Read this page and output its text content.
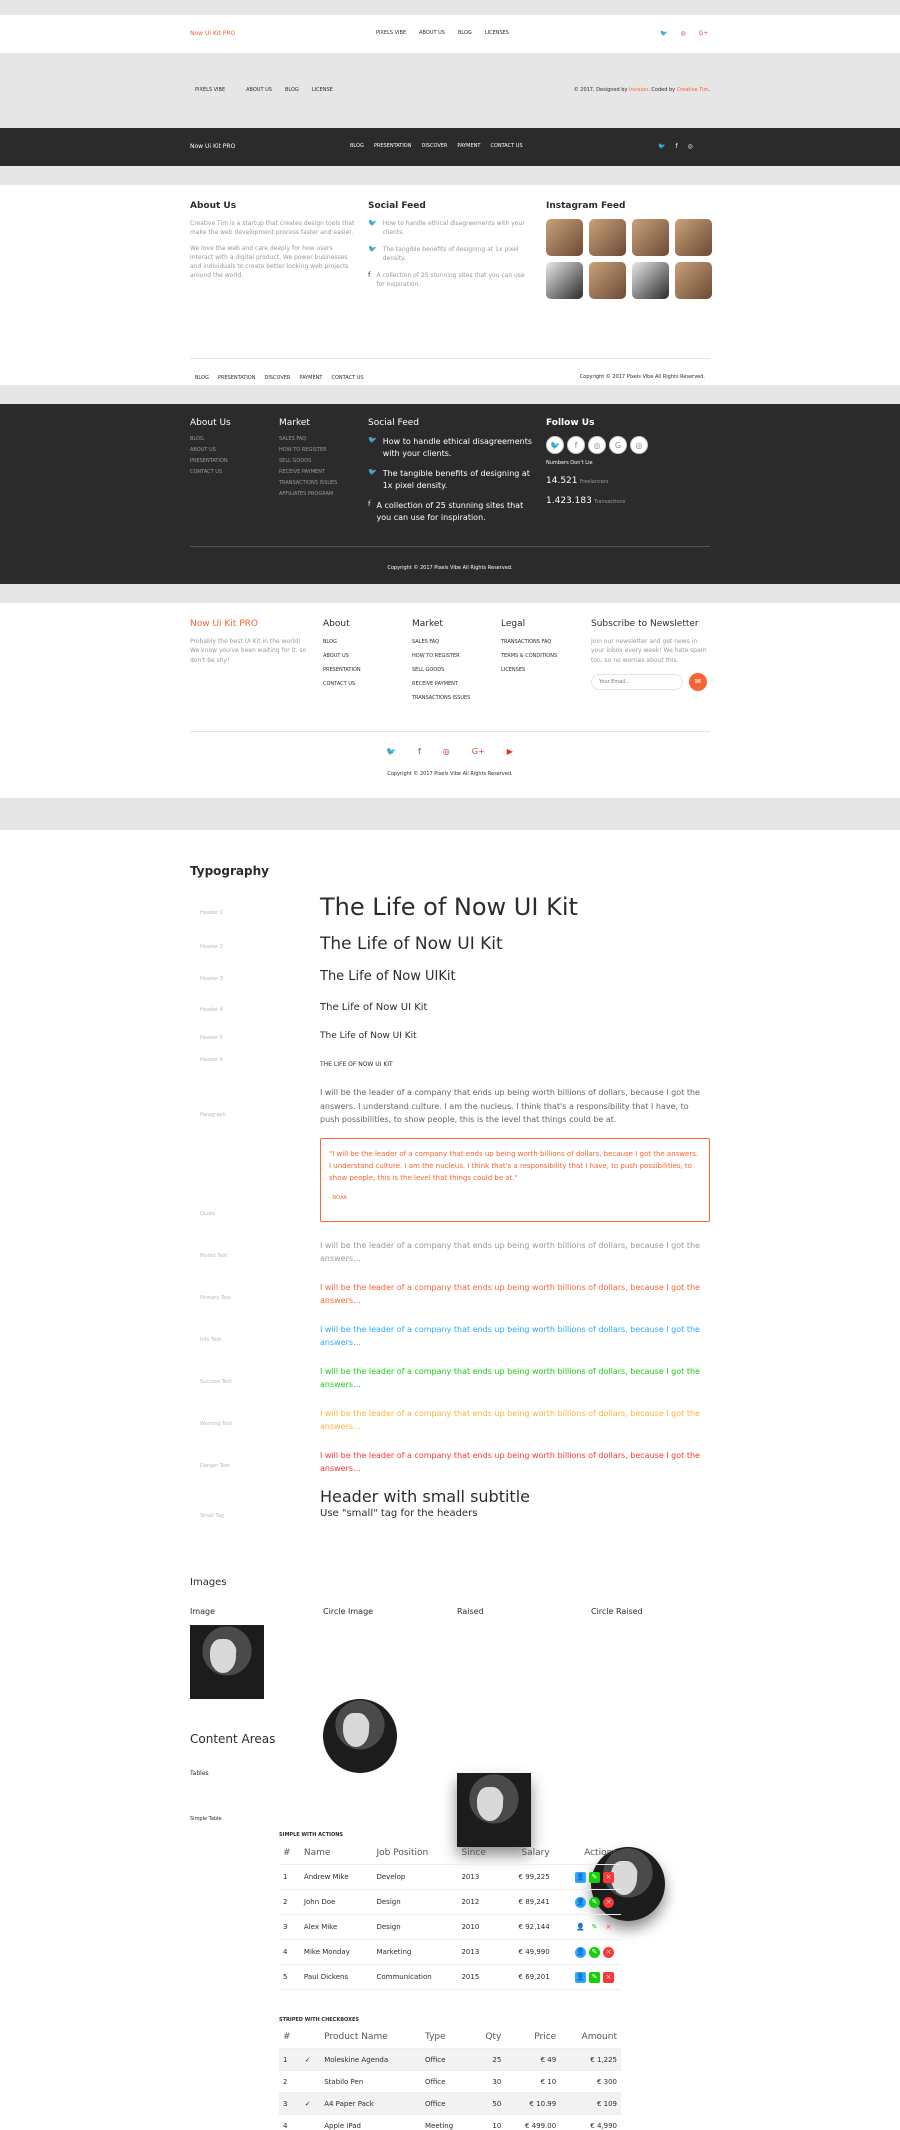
Now Ui Kit PRO	PIXELS VIBE	ABOUT US	BLOG	LICENSES	🐦 ◎ G+
PIXELS VIBE	ABOUT US	BLOG	LICENSE	© 2017, Designed by Invision. Coded by Creative Tim.
Now Ui Kit PRO	BLOG PRESENTATION DISCOVER PAYMENT CONTACT US	🐦 f ◎
About Us

Creative Tim is a startup that creates design tools that make the web development process faster and easier.

We love the web and care deeply for how users interact with a digital product. We power businesses and individuals to create better looking web projects around the world.

Social Feed
🐦 How to handle ethical disagreements with your clients.
🐦 The tangible benefits of designing at 1x pixel density.
f A collection of 25 stunning sites that you can use for inspiration.
Instagram Feed
BLOG PRESENTATION DISCOVER PAYMENT CONTACT US	Copyright © 2017 Pixels Vibe All Rights Reserved.
About Us
BLOG
ABOUT US
PRESENTATION
CONTACT US
Market
SALES FAQ
HOW TO REGISTER
SELL GOODS
RECEIVE PAYMENT
TRANSACTIONS ISSUES
AFFILIATES PROGRAM
Social Feed
🐦 How to handle ethical disagreements with your clients.
🐦 The tangible benefits of designing at 1x pixel density.
f A collection of 25 stunning sites that you can use for inspiration.
Follow Us
🐦	f	◎	G	◎
Numbers Don't Lie
14.521 Freelancers
1.423.183 Transactions
Copyright © 2017 Pixels Vibe All Rights Reserved.
Now Ui Kit PRO

Probably the best UI Kit in the world! We know you've been waiting for it, so don't be shy!

About
BLOG
ABOUT US
PRESENTATION
CONTACT US
Market
SALES FAQ
HOW TO REGISTER
SELL GOODS
RECEIVE PAYMENT
TRANSACTIONS ISSUES
Legal
TRANSACTIONS FAQ
TERMS & CONDITIONS
LICENSES
Subscribe to Newsletter

Join our newsletter and get news in your inbox every week! We hate spam too, so no worries about this.

Your Email...
✉
🐦	f	◎	G+	▶
Copyright © 2017 Pixels Vibe All Rights Reserved.
Typography
Header 1	The Life of Now UI Kit
Header 2	The Life of Now UI Kit
Header 3	The Life of Now UIKit
Header 4	The Life of Now UI Kit
Header 5	The Life of Now UI Kit
Header 6
THE LIFE OF NOW UI KIT
Paragraph

I will be the leader of a company that ends up being worth billions of dollars, because I got the answers. I understand culture. I am the nucleus. I think that's a responsibility that I have, to push possibilities, to show people, this is the level that things could be at.

"I will be the leader of a company that ends up being worth billions of dollars, because I got the answers. I understand culture. I am the nucleus. I think that's a responsibility that I have, to push possibilities, to show people, this is the level that things could be at."

- NOAA

Quote
Muted Text

I will be the leader of a company that ends up being worth billions of dollars, because I got the answers...

Primary Text

I will be the leader of a company that ends up being worth billions of dollars, because I got the answers...

Info Text

I will be the leader of a company that ends up being worth billions of dollars, because I got the answers...

Success Text

I will be the leader of a company that ends up being worth billions of dollars, because I got the answers...

Warning Text

I will be the leader of a company that ends up being worth billions of dollars, because I got the answers...

Danger Text

I will be the leader of a company that ends up being worth billions of dollars, because I got the answers...

Small Tag
Header with small subtitle
Use "small" tag for the headers
Images
Image	Circle Image	Raised	Circle Raised
Content Areas
Tables
Simple Table
SIMPLE WITH ACTIONS
#	Name	Job Position	Since	Salary	Actions
1	Andrew Mike	Develop	2013	€ 99,225	👤 ✎ ×
2	John Doe	Design	2012	€ 89,241	👤 ✎ ×
3	Alex Mike	Design	2010	€ 92,144	👤 ✎ ×
4	Mike Monday	Marketing	2013	€ 49,990	👤 ✎ ×
5	Paul Dickens	Communication	2015	€ 69,201	👤 ✎ ×
STRIPED WITH CHECKBOXES
#		Product Name	Type	Qty	Price	Amount
1	✓	Moleskine Agenda	Office	25	€ 49	€ 1,225
2		Stabilo Pen	Office	30	€ 10	€ 300
3	✓	A4 Paper Pack	Office	50	€ 10.99	€ 109
4		Apple iPad	Meeting	10	€ 499.00	€ 4,990
